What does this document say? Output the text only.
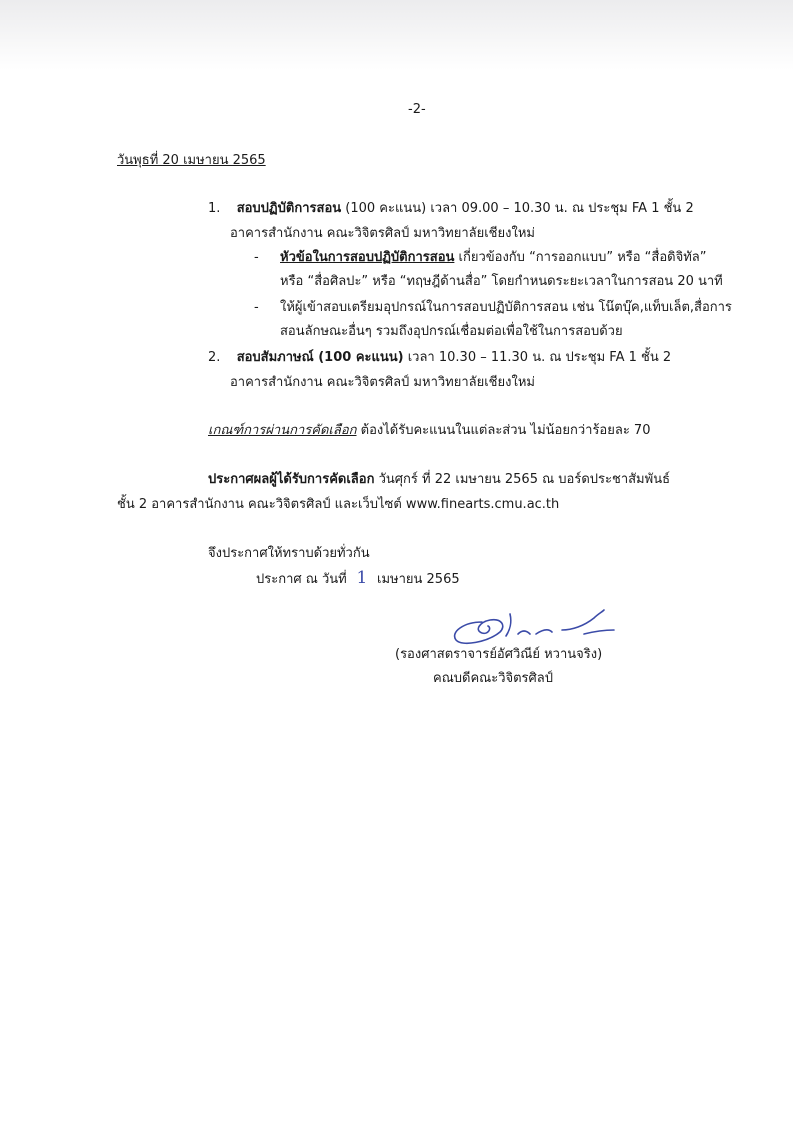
-2-
วันพุธที่ 20 เมษายน 2565
1. สอบปฏิบัติการสอน (100 คะแนน) เวลา 09.00 – 10.30 น. ณ ประชุม FA 1 ชั้น 2
อาคารสำนักงาน คณะวิจิตรศิลป์ มหาวิทยาลัยเชียงใหม่
- หัวข้อในการสอบปฏิบัติการสอน เกี่ยวข้องกับ “การออกแบบ” หรือ “สื่อดิจิทัล”
หรือ “สื่อศิลปะ” หรือ “ทฤษฎีด้านสื่อ” โดยกำหนดระยะเวลาในการสอน 20 นาที
- ให้ผู้เข้าสอบเตรียมอุปกรณ์ในการสอบปฏิบัติการสอน เช่น โน๊ตบุ๊ค,แท็บเล็ต,สื่อการ
สอนลักษณะอื่นๆ รวมถึงอุปกรณ์เชื่อมต่อเพื่อใช้ในการสอบด้วย
2. สอบสัมภาษณ์ (100 คะแนน) เวลา 10.30 – 11.30 น. ณ ประชุม FA 1 ชั้น 2
อาคารสำนักงาน คณะวิจิตรศิลป์ มหาวิทยาลัยเชียงใหม่
เกณฑ์การผ่านการคัดเลือก ต้องได้รับคะแนนในแต่ละส่วน ไม่น้อยกว่าร้อยละ 70
ประกาศผลผู้ได้รับการคัดเลือก วันศุกร์ ที่ 22 เมษายน 2565 ณ บอร์ดประชาสัมพันธ์
ชั้น 2 อาคารสำนักงาน คณะวิจิตรศิลป์ และเว็บไซต์ www.finearts.cmu.ac.th
จึงประกาศให้ทราบด้วยทั่วกัน
ประกาศ ณ วันที่ 1 เมษายน 2565
(รองศาสตราจารย์อัศวิณีย์ หวานจริง)
คณบดีคณะวิจิตรศิลป์
